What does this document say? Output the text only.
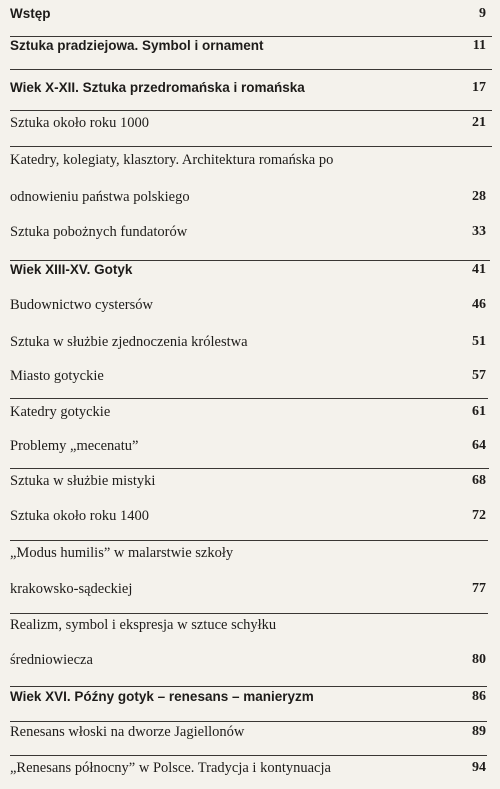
Wstęp	9
Sztuka pradziejowa. Symbol i ornament	11
Wiek X-XII. Sztuka przedromańska i romańska	17
Sztuka około roku 1000	21
Katedry, kolegiaty, klasztory. Architektura romańska po
odnowieniu państwa polskiego	28
Sztuka pobożnych fundatorów	33
Wiek XIII-XV. Gotyk	41
Budownictwo cystersów	46
Sztuka w służbie zjednoczenia królestwa	51
Miasto gotyckie	57
Katedry gotyckie	61
Problemy „mecenatu”	64
Sztuka w służbie mistyki	68
Sztuka około roku 1400	72
„Modus humilis” w malarstwie szkoły
krakowsko-sądeckiej	77
Realizm, symbol i ekspresja w sztuce schyłku
średniowiecza	80
Wiek XVI. Późny gotyk – renesans – manieryzm	86
Renesans włoski na dworze Jagiellonów	89
„Renesans północny” w Polsce. Tradycja i kontynuacja	94
